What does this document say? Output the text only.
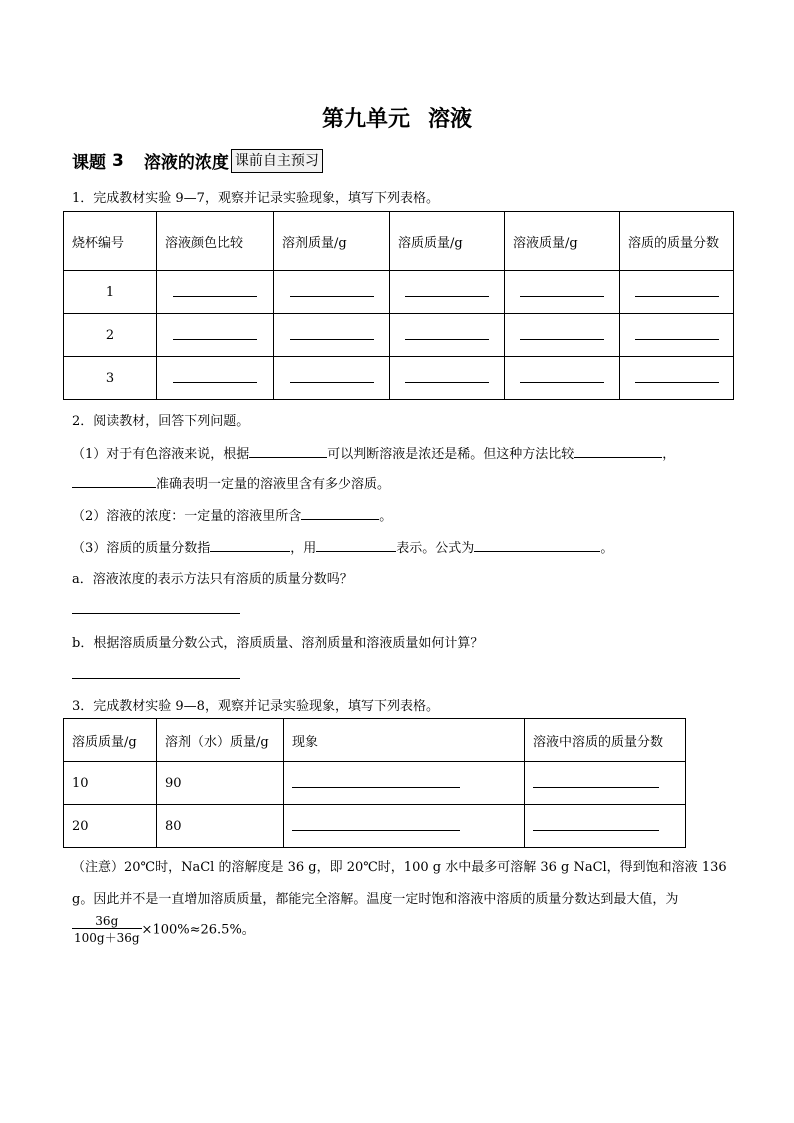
第九单元 溶液
课题 3 溶液的浓度 课前自主预习
1．完成教材实验 9—7，观察并记录实验现象，填写下列表格。
烧杯编号	溶液颜色比较	溶剂质量/g	溶质质量/g	溶液质量/g	溶质的质量分数
1					
2					
3					
2．阅读教材，回答下列问题。
（1）对于有色溶液来说，根据	可以判断溶液是浓还是稀。但这种方法比较	，
准确表明一定量的溶液里含有多少溶质。
（2）溶液的浓度：一定量的溶液里所含	。
（3）溶质的质量分数指	，用	表示。公式为	。
a．溶液浓度的表示方法只有溶质的质量分数吗？
b．根据溶质质量分数公式，溶质质量、溶剂质量和溶液质量如何计算？
3．完成教材实验 9—8，观察并记录实验现象，填写下列表格。
溶质质量/g	溶剂（水）质量/g	现象	溶液中溶质的质量分数
10	90		
20	80		
（注意）20℃时，NaCl 的溶解度是 36 g，即 20℃时，100 g 水中最多可溶解 36 g NaCl，得到饱和溶液 136
g。因此并不是一直增加溶质质量，都能完全溶解。温度一定时饱和溶液中溶质的质量分数达到最大值，为
$\frac{36g}{100g+36g} \times 100\%\approx 26.5\%$。
